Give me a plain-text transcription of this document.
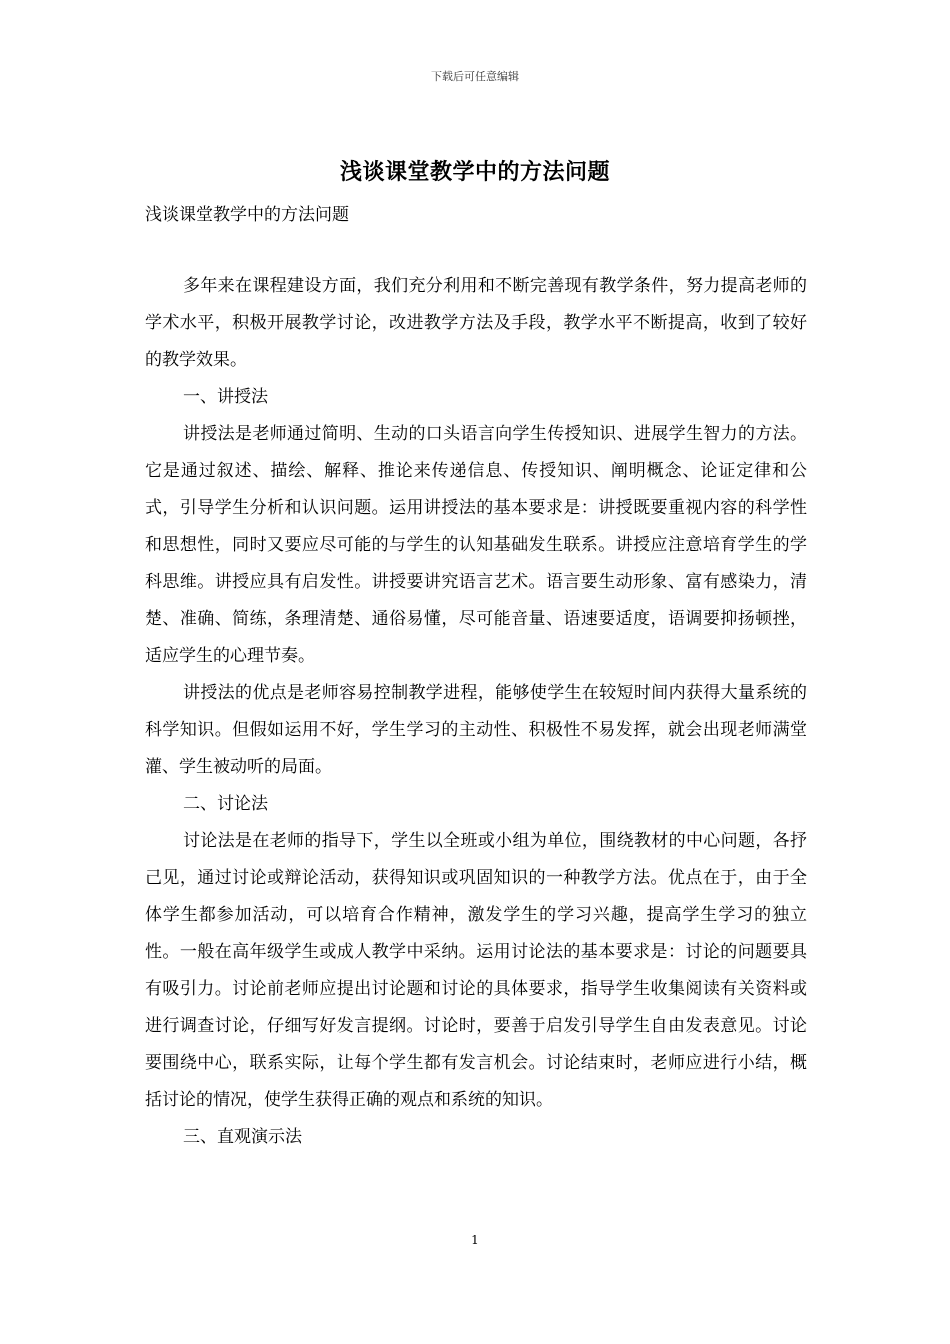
下载后可任意编辑
浅谈课堂教学中的方法问题
浅谈课堂教学中的方法问题

多年来在课程建设方面，我们充分利用和不断完善现有教学条件，努力提高老师的学术水平，积极开展教学讨论，改进教学方法及手段，教学水平不断提高，收到了较好的教学效果。

一、讲授法

讲授法是老师通过简明、生动的口头语言向学生传授知识、进展学生智力的方法。它是通过叙述、描绘、解释、推论来传递信息、传授知识、阐明概念、论证定律和公式，引导学生分析和认识问题。运用讲授法的基本要求是：讲授既要重视内容的科学性和思想性，同时又要应尽可能的与学生的认知基础发生联系。讲授应注意培育学生的学科思维。讲授应具有启发性。讲授要讲究语言艺术。语言要生动形象、富有感染力，清楚、准确、简练，条理清楚、通俗易懂，尽可能音量、语速要适度，语调要抑扬顿挫，适应学生的心理节奏。

讲授法的优点是老师容易控制教学进程，能够使学生在较短时间内获得大量系统的科学知识。但假如运用不好，学生学习的主动性、积极性不易发挥，就会出现老师满堂灌、学生被动听的局面。

二、讨论法

讨论法是在老师的指导下，学生以全班或小组为单位，围绕教材的中心问题，各抒己见，通过讨论或辩论活动，获得知识或巩固知识的一种教学方法。优点在于，由于全体学生都参加活动，可以培育合作精神，激发学生的学习兴趣，提高学生学习的独立性。一般在高年级学生或成人教学中采纳。运用讨论法的基本要求是：讨论的问题要具有吸引力。讨论前老师应提出讨论题和讨论的具体要求，指导学生收集阅读有关资料或进行调查讨论，仔细写好发言提纲。讨论时，要善于启发引导学生自由发表意见。讨论要围绕中心，联系实际，让每个学生都有发言机会。讨论结束时，老师应进行小结，概括讨论的情况，使学生获得正确的观点和系统的知识。

三、直观演示法

1
